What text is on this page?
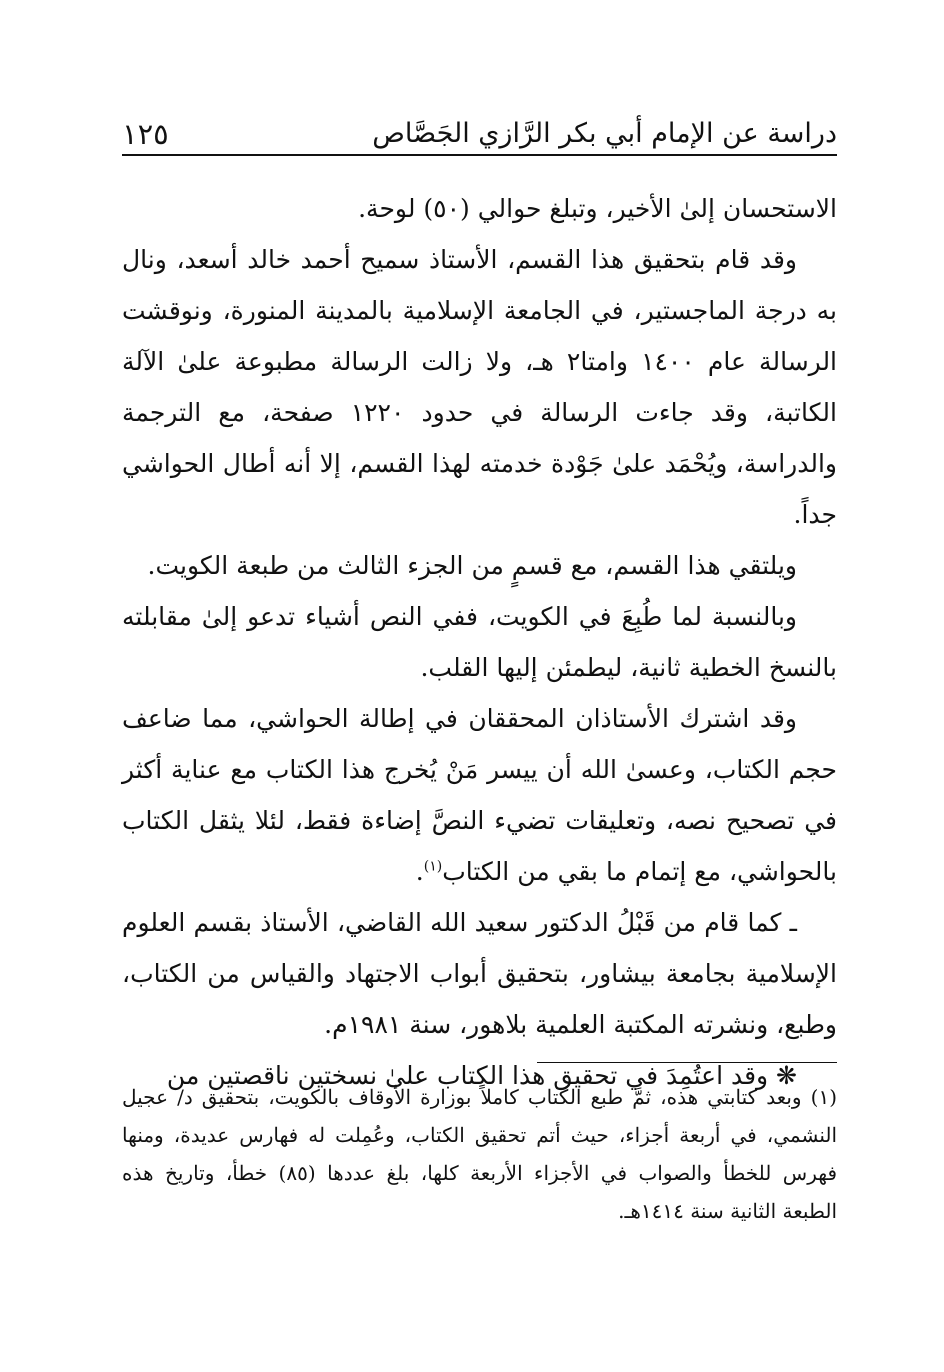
دراسة عن الإمام أبي بكر الرَّازي الجَصَّاص
١٢٥

الاستحسان إلىٰ الأخير، وتبلغ حوالي (٥٠) لوحة.

وقد قام بتحقيق هذا القسم، الأستاذ سميح أحمد خالد أسعد، ونال به درجة الماجستير، في الجامعة الإسلامية بالمدينة المنورة، ونوقشت الرسالة عام ١٤٠٠ وامتا٢ هـ، ولا زالت الرسالة مطبوعة علىٰ الآلة الكاتبة، وقد جاءت الرسالة في حدود ١٢٢٠ صفحة، مع الترجمة والدراسة، ويُحْمَد علىٰ جَوْدة خدمته لهذا القسم، إلا أنه أطال الحواشي جداً.

ويلتقي هذا القسم، مع قسمٍ من الجزء الثالث من طبعة الكويت.

وبالنسبة لما طُبِعَ في الكويت، ففي النص أشياء تدعو إلىٰ مقابلته بالنسخ الخطية ثانية، ليطمئن إليها القلب.

وقد اشترك الأستاذان المحققان في إطالة الحواشي، مما ضاعف حجم الكتاب، وعسىٰ الله أن ييسر مَنْ يُخرج هذا الكتاب مع عناية أكثر في تصحيح نصه، وتعليقات تضيء النصَّ إضاءة فقط، لئلا يثقل الكتاب بالحواشي، مع إتمام ما بقي من الكتاب$^{(١)}$.

ـ كما قام من قَبْلُ الدكتور سعيد الله القاضي، الأستاذ بقسم العلوم الإسلامية بجامعة بيشاور، بتحقيق أبواب الاجتهاد والقياس من الكتاب، وطبع، ونشرته المكتبة العلمية بلاهور، سنة ١٩٨١م.

❋ وقد اعتُمِدَ في تحقيق هذا الكتاب علىٰ نسختين ناقصتين من

(١) وبعد كتابتي هذه، ثمَّ طبع الكتاب كاملاً بوزارة الأوقاف بالكويت، بتحقيق د/ عجيل النشمي، في أربعة أجزاء، حيث أتم تحقيق الكتاب، وعُمِلت له فهارس عديدة، ومنها فهرس للخطأ والصواب في الأجزاء الأربعة كلها، بلغ عددها (٨٥) خطأ، وتاريخ هذه الطبعة الثانية سنة ١٤١٤هـ.
